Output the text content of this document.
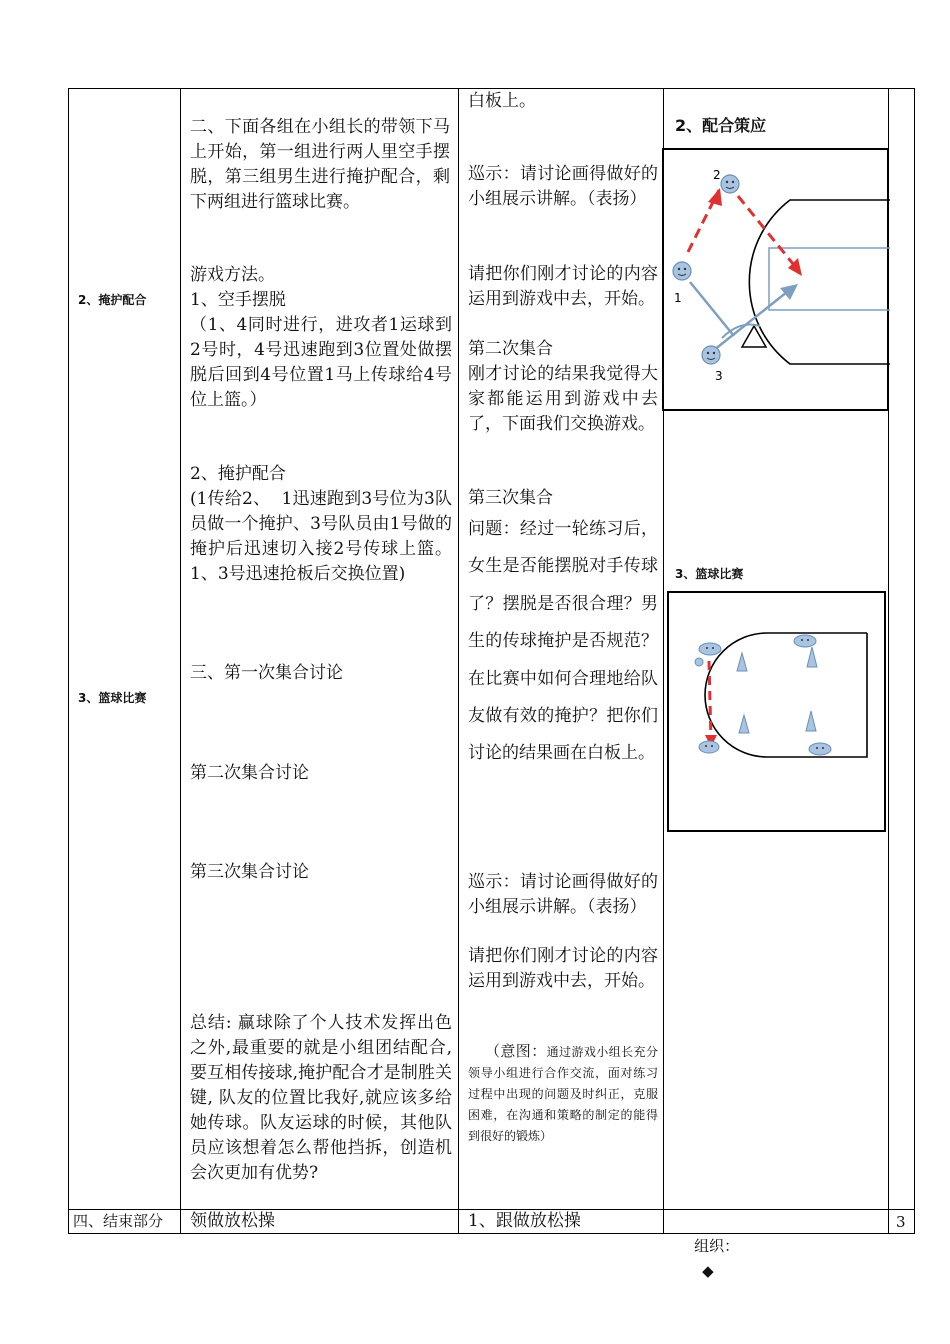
2、掩护配合
3、篮球比赛
四、结束部分
二、下面各组在小组长的带领下马上开始，第一组进行两人里空手摆脱，第三组男生进行掩护配合，剩下两组进行篮球比赛。
游戏方法。
1、空手摆脱
（1、4同时进行，进攻者1运球到2号时，4号迅速跑到3位置处做摆脱后回到4号位置1马上传球给4号位上篮。）
2、掩护配合
(1传给2、  1迅速跑到3号位为3队员做一个掩护、3号队员由1号做的掩护后迅速切入接2号传球上篮。1、3号迅速抢板后交换位置)
三、第一次集合讨论
第二次集合讨论
第三次集合讨论
总结: 赢球除了个人技术发挥出色之外,最重要的就是小组团结配合,要互相传接球,掩护配合才是制胜关键, 队友的位置比我好,就应该多给她传球。队友运球的时候，其他队员应该想着怎么帮他挡拆，创造机会次更加有优势?
领做放松操
白板上。
巡示：请讨论画得做好的小组展示讲解。（表扬）
请把你们刚才讨论的内容运用到游戏中去，开始。
第二次集合
刚才讨论的结果我觉得大家都能运用到游戏中去了，下面我们交换游戏。
第三次集合
问题：经过一轮练习后，女生是否能摆脱对手传球了？摆脱是否很合理？男生的传球掩护是否规范？在比赛中如何合理地给队友做有效的掩护？把你们讨论的结果画在白板上。
巡示：请讨论画得做好的小组展示讲解。（表扬）
请把你们刚才讨论的内容运用到游戏中去，开始。

（意图：通过游戏小组长充分领导小组进行合作交流，面对练习过程中出现的问题及时纠正，克服困难，在沟通和策略的制定的能得到很好的锻炼）

1、跟做放松操
2、配合策应
2
1
3
3、篮球比赛

组织：
◆

3
